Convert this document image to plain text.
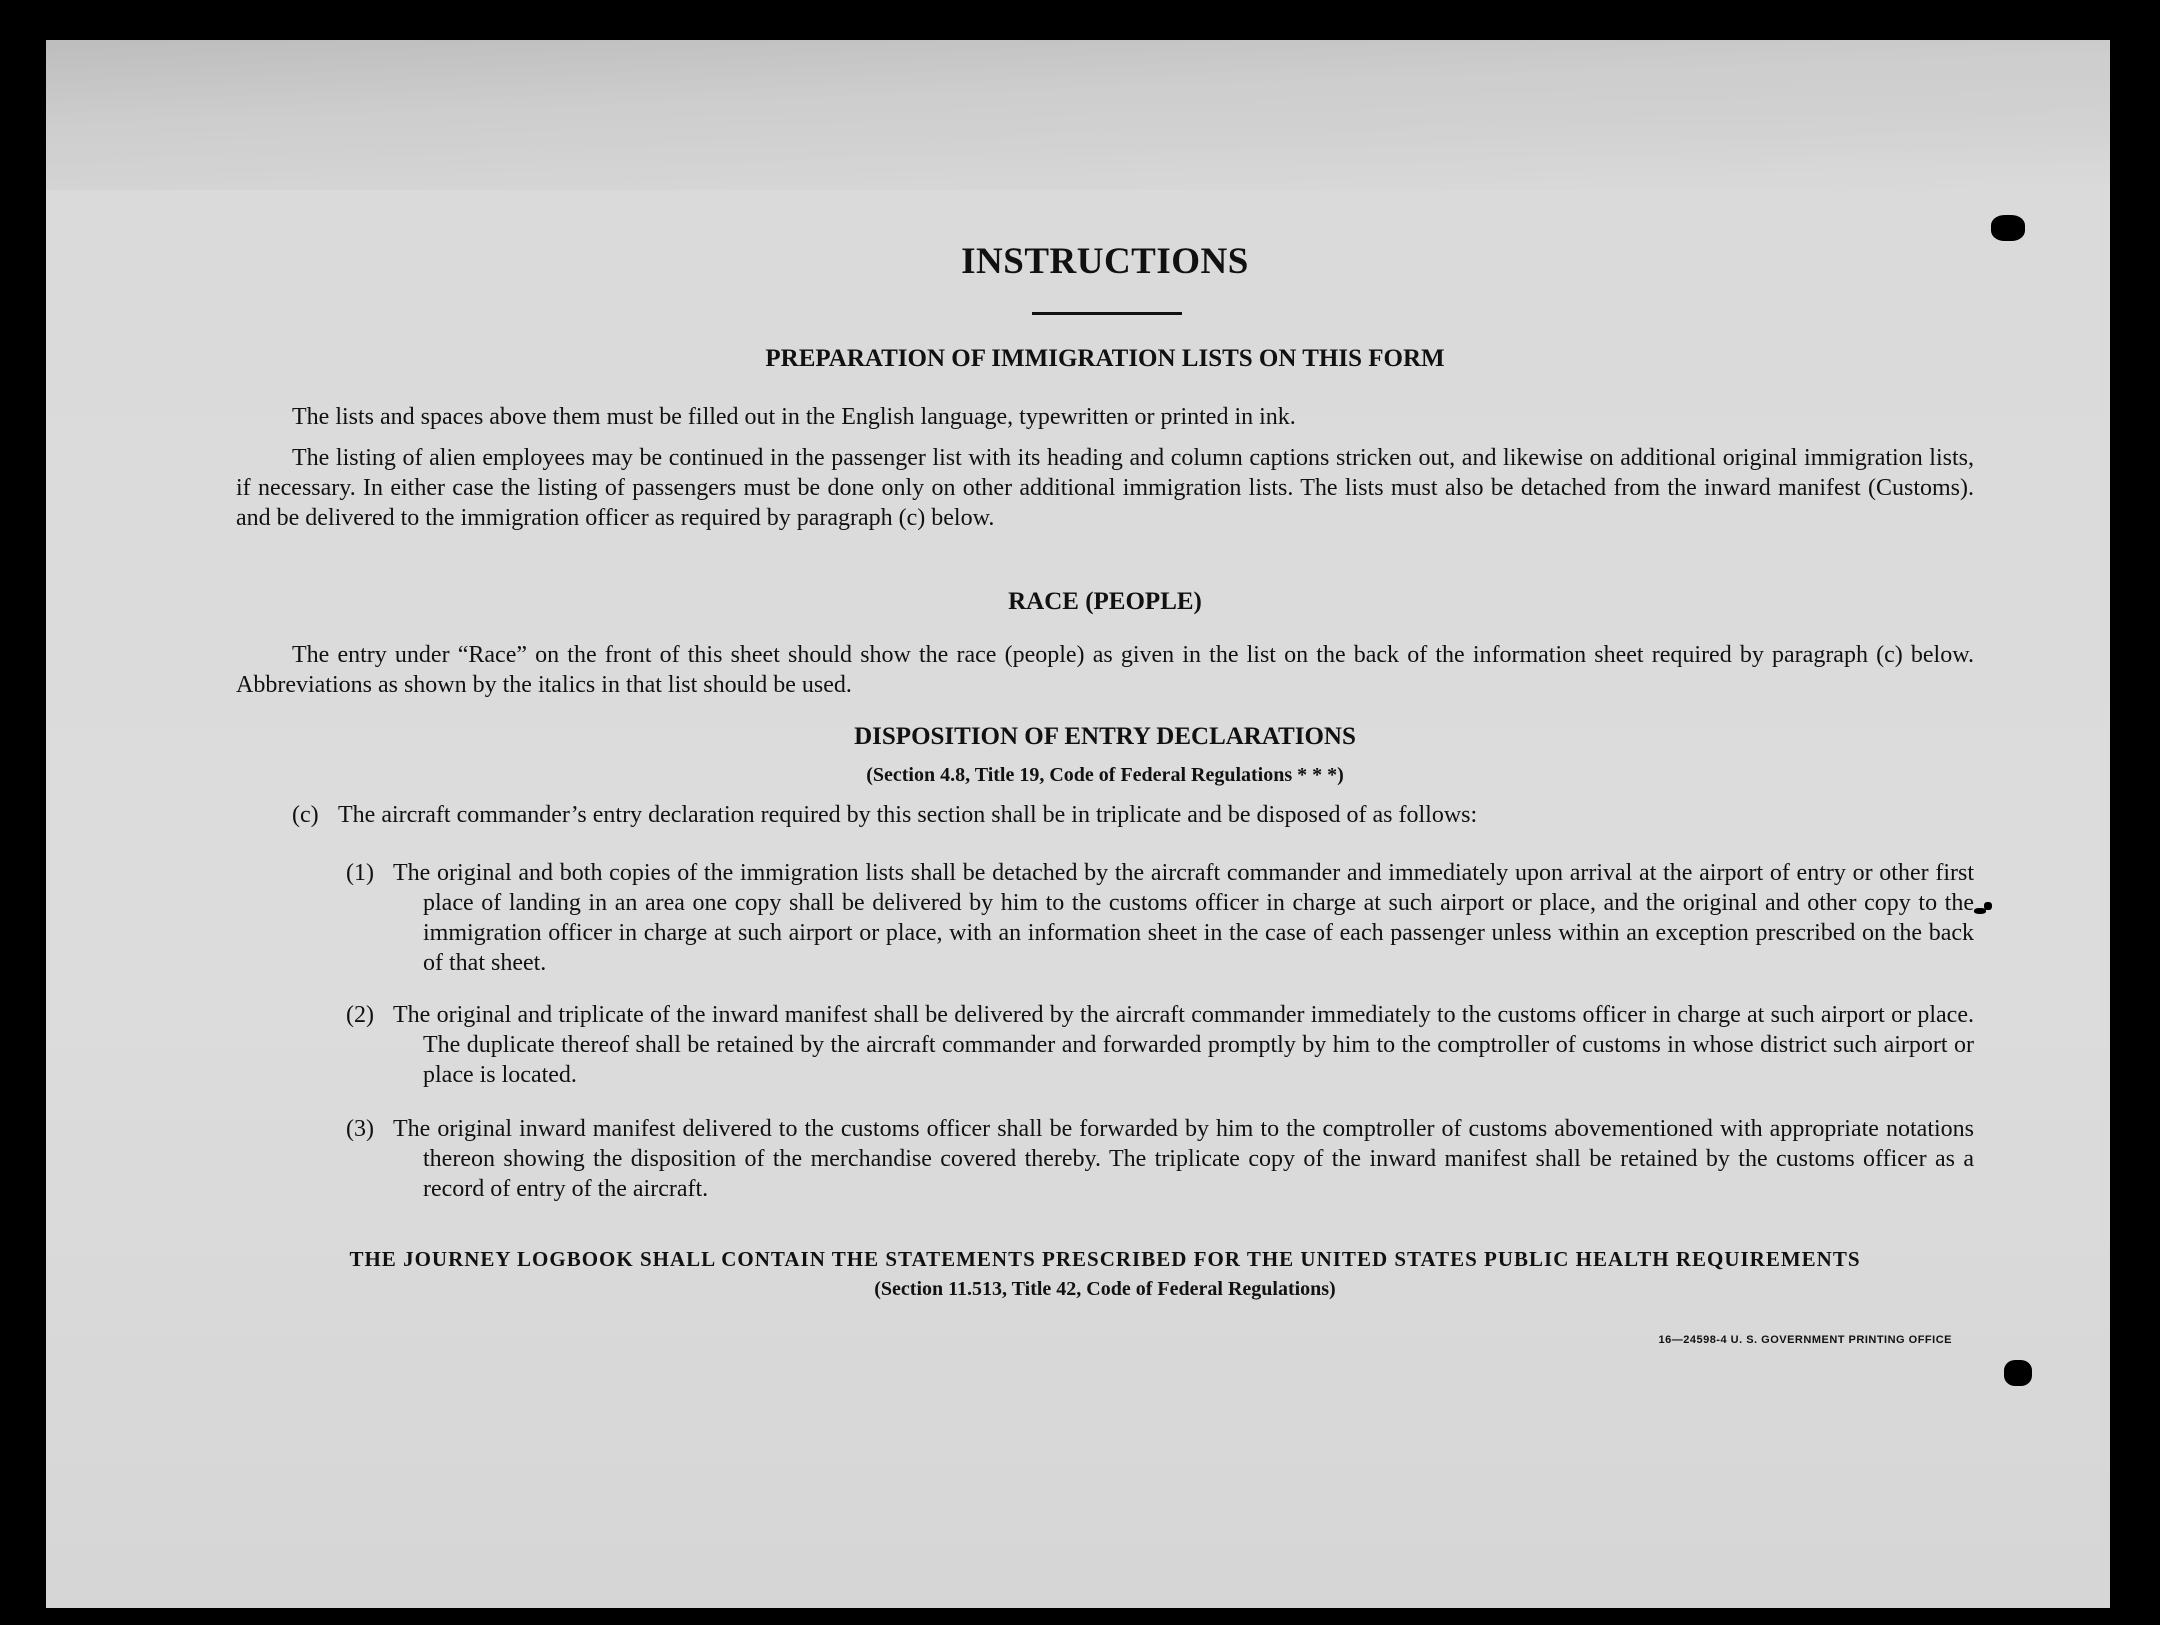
INSTRUCTIONS
PREPARATION OF IMMIGRATION LISTS ON THIS FORM
The lists and spaces above them must be filled out in the English language, typewritten or printed in ink.
The listing of alien employees may be continued in the passenger list with its heading and column captions stricken out, and likewise on additional original immigration lists, if necessary. In either case the listing of passengers must be done only on other additional immigration lists. The lists must also be detached from the inward manifest (Customs). and be delivered to the immigration officer as required by paragraph (c) below.
RACE (PEOPLE)
The entry under “Race” on the front of this sheet should show the race (people) as given in the list on the back of the information sheet required by paragraph (c) below. Abbreviations as shown by the italics in that list should be used.
DISPOSITION OF ENTRY DECLARATIONS
(Section 4.8, Title 19, Code of Federal Regulations * * *)
(c) The aircraft commander’s entry declaration required by this section shall be in triplicate and be disposed of as follows:
(1) The original and both copies of the immigration lists shall be detached by the aircraft commander and immediately upon arrival at the airport of entry or other first place of landing in an area one copy shall be delivered by him to the customs officer in charge at such airport or place, and the original and other copy to the immigration officer in charge at such airport or place, with an information sheet in the case of each passenger unless within an exception prescribed on the back of that sheet.
(2) The original and triplicate of the inward manifest shall be delivered by the aircraft commander immediately to the customs officer in charge at such airport or place. The duplicate thereof shall be retained by the aircraft commander and forwarded promptly by him to the comptroller of customs in whose district such airport or place is located.
(3) The original inward manifest delivered to the customs officer shall be forwarded by him to the comptroller of customs abovementioned with appropriate notations thereon showing the disposition of the merchandise covered thereby. The triplicate copy of the inward manifest shall be retained by the customs officer as a record of entry of the aircraft.
THE JOURNEY LOGBOOK SHALL CONTAIN THE STATEMENTS PRESCRIBED FOR THE UNITED STATES PUBLIC HEALTH REQUIREMENTS
(Section 11.513, Title 42, Code of Federal Regulations)
16—24598-4 U. S. GOVERNMENT PRINTING OFFICE
